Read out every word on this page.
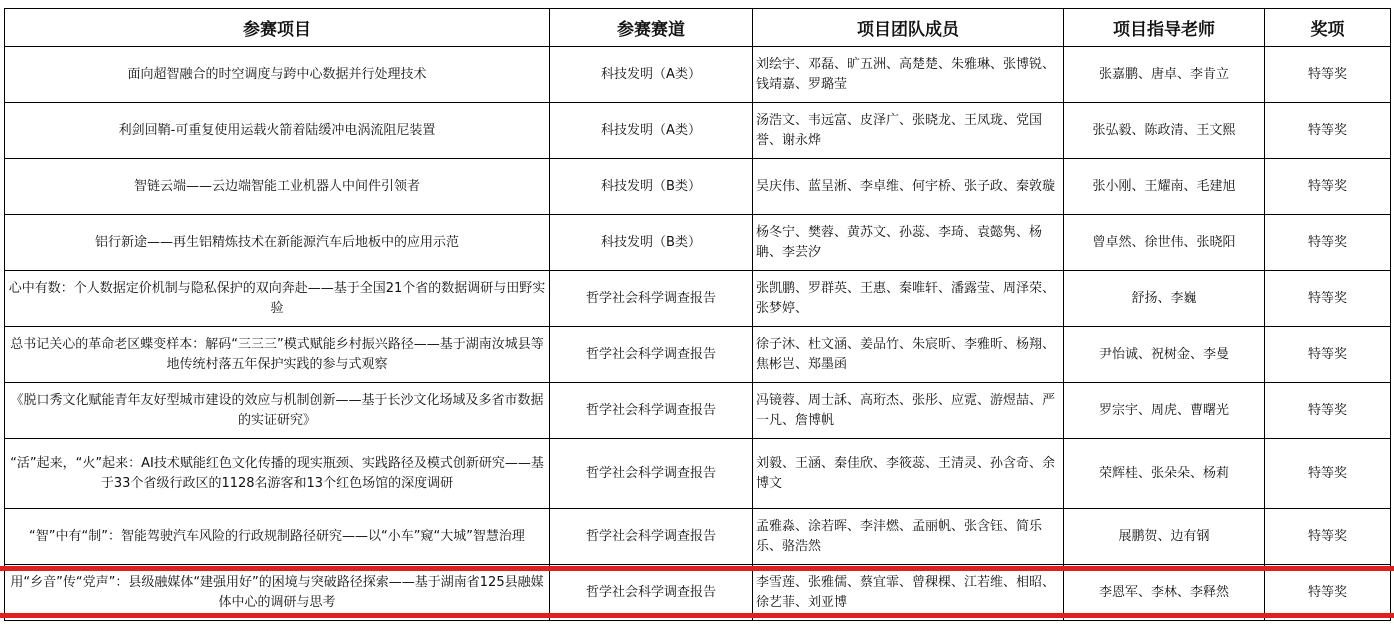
参赛项目	参赛赛道	项目团队成员	项目指导老师	奖项
面向超智融合的时空调度与跨中心数据并行处理技术	科技发明（A类）	刘绘宇、邓磊、旷五洲、高楚楚、朱雅琳、张博锐、钱靖嘉、罗璐莹	张嘉鹏、唐卓、李肯立	特等奖
利剑回鞘-可重复使用运载火箭着陆缓冲电涡流阻尼装置	科技发明（A类）	汤浩文、韦远富、皮泽广、张晓龙、王凤珑、党国誉、谢永烨	张弘毅、陈政清、王文熙	特等奖
智链云端——云边端智能工业机器人中间件引领者	科技发明（B类）	吴庆伟、蓝呈淅、李卓维、何宇桥、张子政、秦敦璇	张小刚、王耀南、毛建旭	特等奖
铝行新途——再生铝精炼技术在新能源汽车后地板中的应用示范	科技发明（B类）	杨冬宁、樊蓉、黄苏文、孙蕊、李琦、袁懿隽、杨聃、李芸汐	曾卓然、徐世伟、张晓阳	特等奖
心中有数：个人数据定价机制与隐私保护的双向奔赴——基于全国21个省的数据调研与田野实验	哲学社会科学调查报告	张凯鹏、罗群英、王惠、秦唯轩、潘露莹、周泽荣、张梦婷、	舒扬、李巍	特等奖
总书记关心的革命老区蝶变样本：解码“三三三”模式赋能乡村振兴路径——基于湖南汝城县等地传统村落五年保护实践的参与式观察	哲学社会科学调查报告	徐子沐、杜文涵、姜品竹、朱宸昕、李雅昕、杨翔、焦彬岂、郑墨函	尹怡诚、祝树金、李曼	特等奖
《脱口秀文化赋能青年友好型城市建设的效应与机制创新——基于长沙文化场域及多省市数据的实证研究》	哲学社会科学调查报告	冯镜蓉、周士訸、高珩杰、张彤、应霓、游煜喆、严一凡、詹博帆	罗宗宇、周虎、曹曙光	特等奖
“活”起来，“火”起来：AI技术赋能红色文化传播的现实瓶颈、实践路径及模式创新研究——基于33个省级行政区的1128名游客和13个红色场馆的深度调研	哲学社会科学调查报告	刘毅、王涵、秦佳欣、李筱蕊、王清灵、孙含奇、余博文	荣辉桂、张朵朵、杨莉	特等奖
“智”中有“制”：智能驾驶汽车风险的行政规制路径研究——以“小车”窥“大城”智慧治理	哲学社会科学调查报告	孟雅淼、涂若晖、李沣燃、孟丽帆、张含钰、简乐乐、骆浩然	展鹏贺、边有钢	特等奖
用“乡音”传“党声”：县级融媒体“建强用好”的困境与突破路径探索——基于湖南省125县融媒体中心的调研与思考	哲学社会科学调查报告	李雪莲、张雅儒、蔡宜霏、曾稞棵、江若维、相昭、徐艺菲、刘亚博	李恩军、李林、李释然	特等奖
